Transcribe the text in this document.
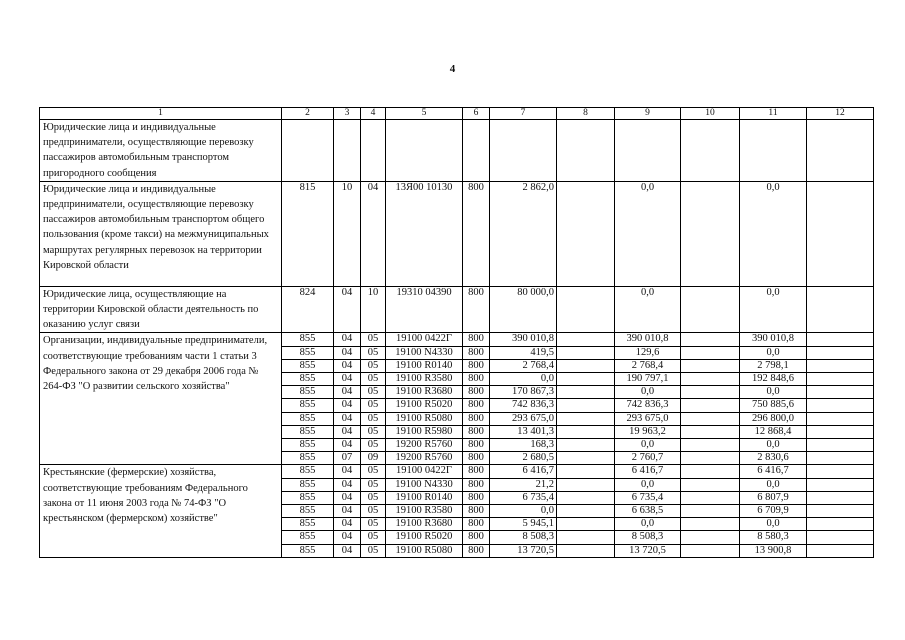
4
1	2	3	4	5	6	7	8	9	10	11	12
Юридические лица и индивидуальные предприниматели, осуществляющие перевозку пассажиров автомобильным транспортом пригородного сообщения											
Юридические лица и индивидуальные предприниматели, осуществляющие перевозку пассажиров автомобильным транспортом общего пользования (кроме такси) на межмуниципальных маршрутах регулярных перевозок на территории Кировской области	815	10	04	13Я00 10130	800	2 862,0		0,0		0,0	
Юридические лица, осуществляющие на территории Кировской области деятельность по оказанию услуг связи	824	04	10	19310 04390	800	80 000,0		0,0		0,0	
Организации, индивидуальные предприниматели, соответствующие требованиям части 1 статьи 3 Федерального закона от 29 декабря 2006 года № 264-ФЗ "О развитии сельского хозяйства"	855	04	05	19100 0422Г	800	390 010,8		390 010,8		390 010,8	
	855	04	05	19100 N4330	800	419,5		129,6		0,0	
	855	04	05	19100 R0140	800	2 768,4		2 768,4		2 798,1	
	855	04	05	19100 R3580	800	0,0		190 797,1		192 848,6	
	855	04	05	19100 R3680	800	170 867,3		0,0		0,0	
	855	04	05	19100 R5020	800	742 836,3		742 836,3		750 885,6	
	855	04	05	19100 R5080	800	293 675,0		293 675,0		296 800,0	
	855	04	05	19100 R5980	800	13 401,3		19 963,2		12 868,4	
	855	04	05	19200 R5760	800	168,3		0,0		0,0	
	855	07	09	19200 R5760	800	2 680,5		2 760,7		2 830,6	
Крестьянские (фермерские) хозяйства, соответствующие требованиям Федерального закона от 11 июня 2003 года № 74-ФЗ "О крестьянском (фермерском) хозяйстве"	855	04	05	19100 0422Г	800	6 416,7		6 416,7		6 416,7	
	855	04	05	19100 N4330	800	21,2		0,0		0,0	
	855	04	05	19100 R0140	800	6 735,4		6 735,4		6 807,9	
	855	04	05	19100 R3580	800	0,0		6 638,5		6 709,9	
	855	04	05	19100 R3680	800	5 945,1		0,0		0,0	
	855	04	05	19100 R5020	800	8 508,3		8 508,3		8 580,3	
	855	04	05	19100 R5080	800	13 720,5		13 720,5		13 900,8	
